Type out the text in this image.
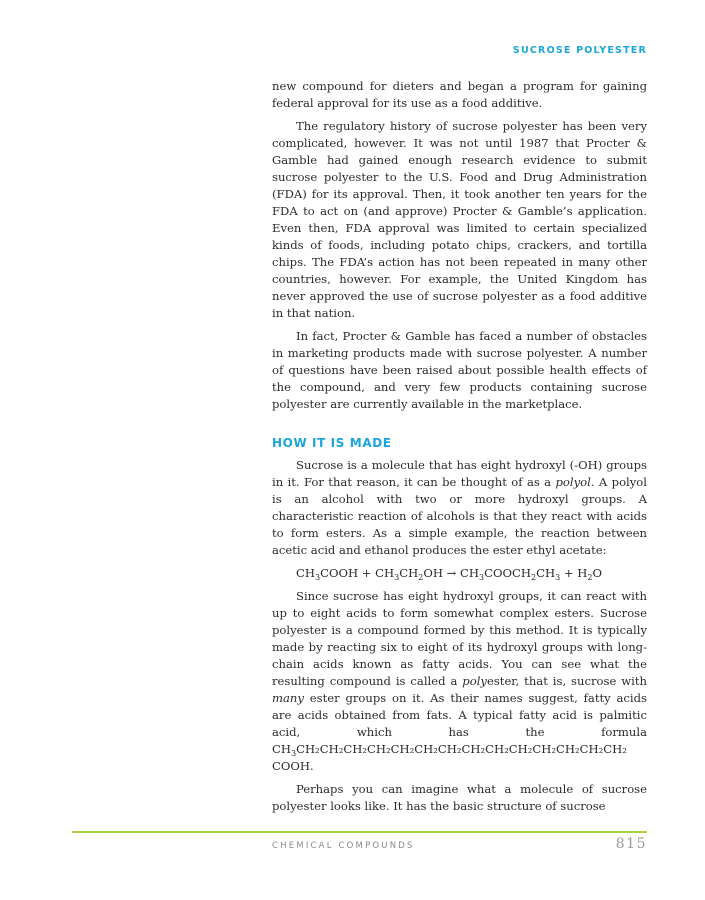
SUCROSE POLYESTER

new compound for dieters and began a program for gaining federal approval for its use as a food additive.

The regulatory history of sucrose polyester has been very complicated, however. It was not until 1987 that Procter & Gamble had gained enough research evidence to submit sucrose polyester to the U.S. Food and Drug Administration (FDA) for its approval. Then, it took another ten years for the FDA to act on (and approve) Procter & Gamble’s application. Even then, FDA approval was limited to certain specialized kinds of foods, including potato chips, crackers, and tortilla chips. The FDA’s action has not been repeated in many other countries, however. For example, the United Kingdom has never approved the use of sucrose polyester as a food additive in that nation.

In fact, Procter & Gamble has faced a number of obstacles in marketing products made with sucrose polyester. A number of questions have been raised about possible health effects of the compound, and very few products containing sucrose polyester are currently available in the marketplace.

HOW IT IS MADE

Sucrose is a molecule that has eight hydroxyl (-OH) groups in it. For that reason, it can be thought of as a polyol. A polyol is an alcohol with two or more hydroxyl groups. A characteristic reaction of alcohols is that they react with acids to form esters. As a simple example, the reaction between acetic acid and ethanol produces the ester ethyl acetate:

$CH_3COOH + CH_3CH_2OH$ → $CH_3COOCH_2CH_3 + H_2O$

Since sucrose has eight hydroxyl groups, it can react with up to eight acids to form somewhat complex esters. Sucrose polyester is a compound formed by this method. It is typically made by reacting six to eight of its hydroxyl groups with long-chain acids known as fatty acids. You can see what the resulting compound is called a polyester, that is, sucrose with many ester groups on it. As their names suggest, fatty acids are acids obtained from fats. A typical fatty acid is palmitic acid, which has the formula $CH_3CH_2CH_2CH_2CH_2CH_2CH_2CH_2CH_2CH_2CH_2CH_2CH_2CH_2CH_2$ COOH.

Perhaps you can imagine what a molecule of sucrose polyester looks like. It has the basic structure of sucrose

CHEMICAL COMPOUNDS	815
